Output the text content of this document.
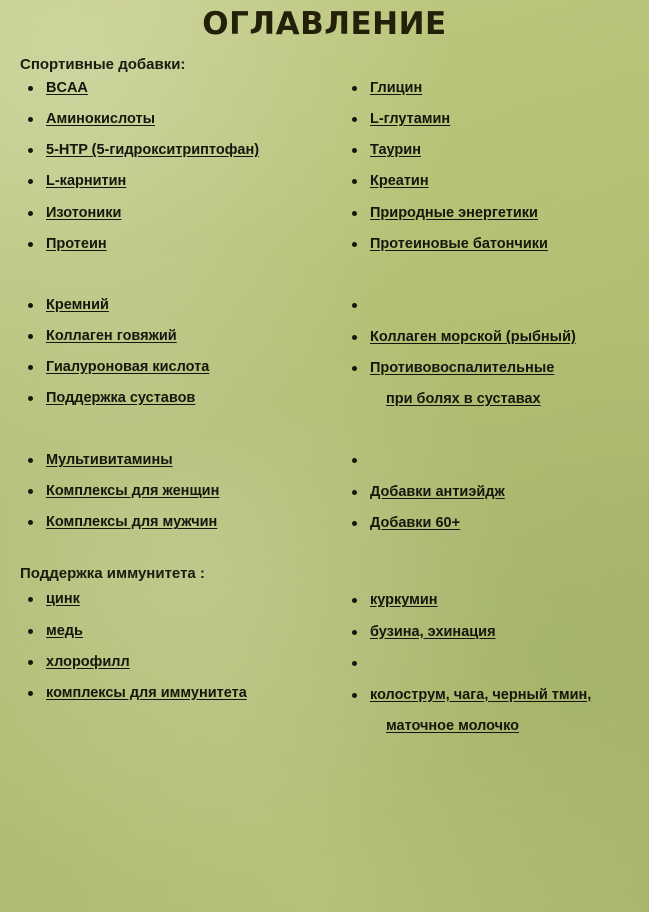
ОГЛАВЛЕНИЕ
Спортивные добавки:
BCAA
Аминокислоты
5-HTP (5-гидрокситриптофан)
L-карнитин
Изотоники
Протеин
Глицин
L-глутамин
Таурин
Креатин
Природные энергетики
Протеиновые батончики
Кремний
Коллаген говяжий
Гиалуроновая кислота
Поддержка суставов
Коллаген морской (рыбный)
Противовоспалительные
при болях в суставах
Мультивитамины
Комплексы для женщин
Комплексы для мужчин
Добавки антиэйдж
Добавки 60+
Поддержка иммунитета :
цинк
медь
хлорофилл
комплексы для иммунитета
куркумин
бузина, эхинация
колострум, чага, черный тмин,
маточное молочко
